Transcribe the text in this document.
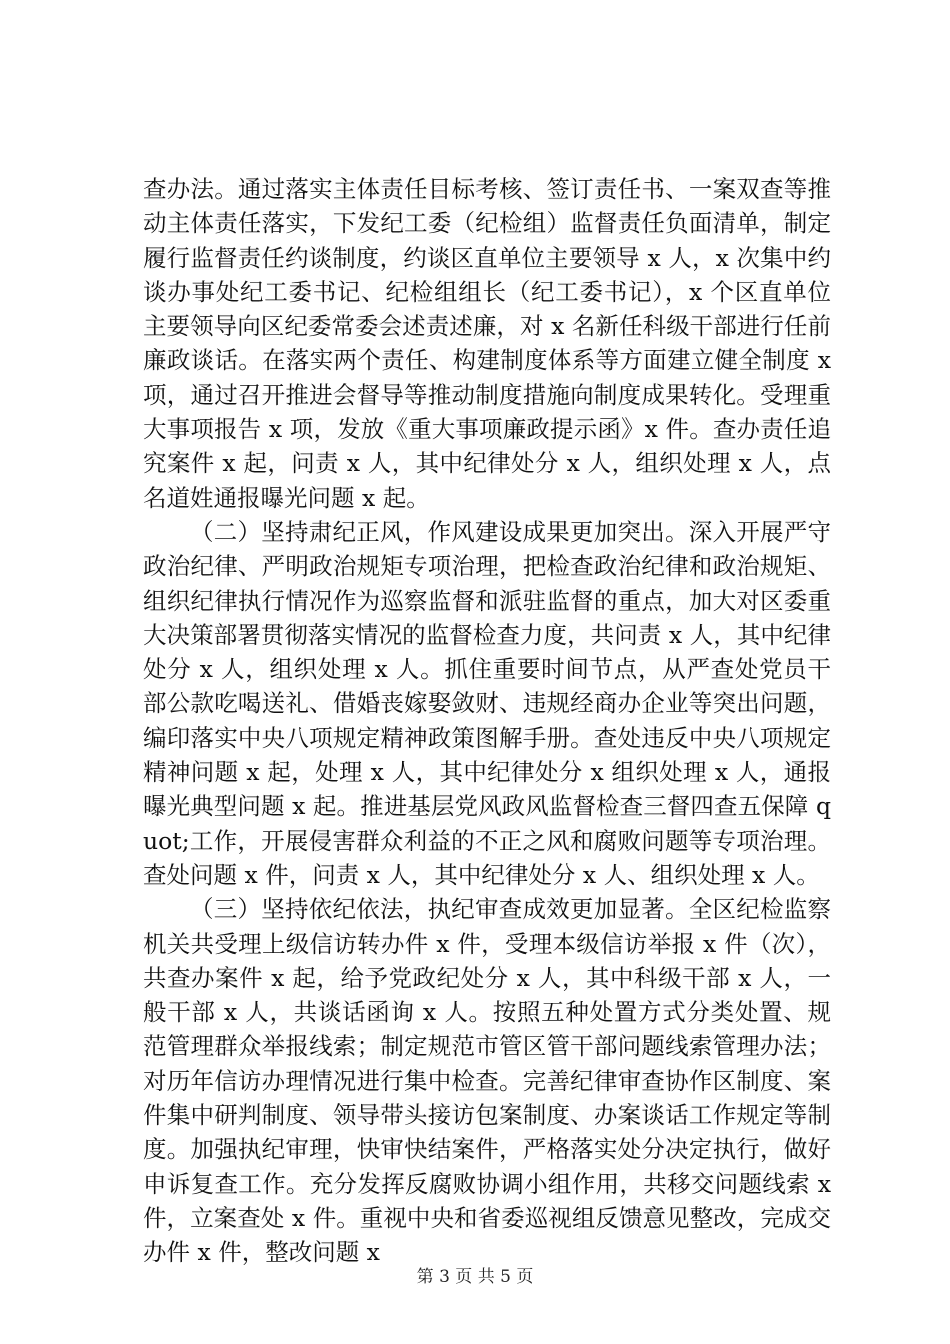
查办法。通过落实主体责任目标考核、签订责任书、一案双查等推动主体责任落实，下发纪工委（纪检组）监督责任负面清单，制定履行监督责任约谈制度，约谈区直单位主要领导 x 人，x 次集中约谈办事处纪工委书记、纪检组组长（纪工委书记），x 个区直单位主要领导向区纪委常委会述责述廉，对 x 名新任科级干部进行任前廉政谈话。在落实两个责任、构建制度体系等方面建立健全制度 x 项，通过召开推进会督导等推动制度措施向制度成果转化。受理重大事项报告 x 项，发放《重大事项廉政提示函》x 件。查办责任追究案件 x 起，问责 x 人，其中纪律处分 x 人，组织处理 x 人，点名道姓通报曝光问题 x 起。

（二）坚持肃纪正风，作风建设成果更加突出。深入开展严守政治纪律、严明政治规矩专项治理，把检查政治纪律和政治规矩、组织纪律执行情况作为巡察监督和派驻监督的重点，加大对区委重大决策部署贯彻落实情况的监督检查力度，共问责 x 人，其中纪律处分 x 人，组织处理 x 人。抓住重要时间节点，从严查处党员干部公款吃喝送礼、借婚丧嫁娶敛财、违规经商办企业等突出问题，编印落实中央八项规定精神政策图解手册。查处违反中央八项规定精神问题 x 起，处理 x 人，其中纪律处分 x 组织处理 x 人，通报曝光典型问题 x 起。推进基层党风政风监督检查三督四查五保障 quot;工作，开展侵害群众利益的不正之风和腐败问题等专项治理。查处问题 x 件，问责 x 人，其中纪律处分 x 人、组织处理 x 人。

（三）坚持依纪依法，执纪审查成效更加显著。全区纪检监察机关共受理上级信访转办件 x 件，受理本级信访举报 x 件（次），共查办案件 x 起，给予党政纪处分 x 人，其中科级干部 x 人，一般干部 x 人，共谈话函询 x 人。按照五种处置方式分类处置、规范管理群众举报线索；制定规范市管区管干部问题线索管理办法；对历年信访办理情况进行集中检查。完善纪律审查协作区制度、案件集中研判制度、领导带头接访包案制度、办案谈话工作规定等制度。加强执纪审理，快审快结案件，严格落实处分决定执行，做好申诉复查工作。充分发挥反腐败协调小组作用，共移交问题线索 x 件，立案查处 x 件。重视中央和省委巡视组反馈意见整改，完成交办件 x 件，整改问题 x

第 3 页 共 5 页
